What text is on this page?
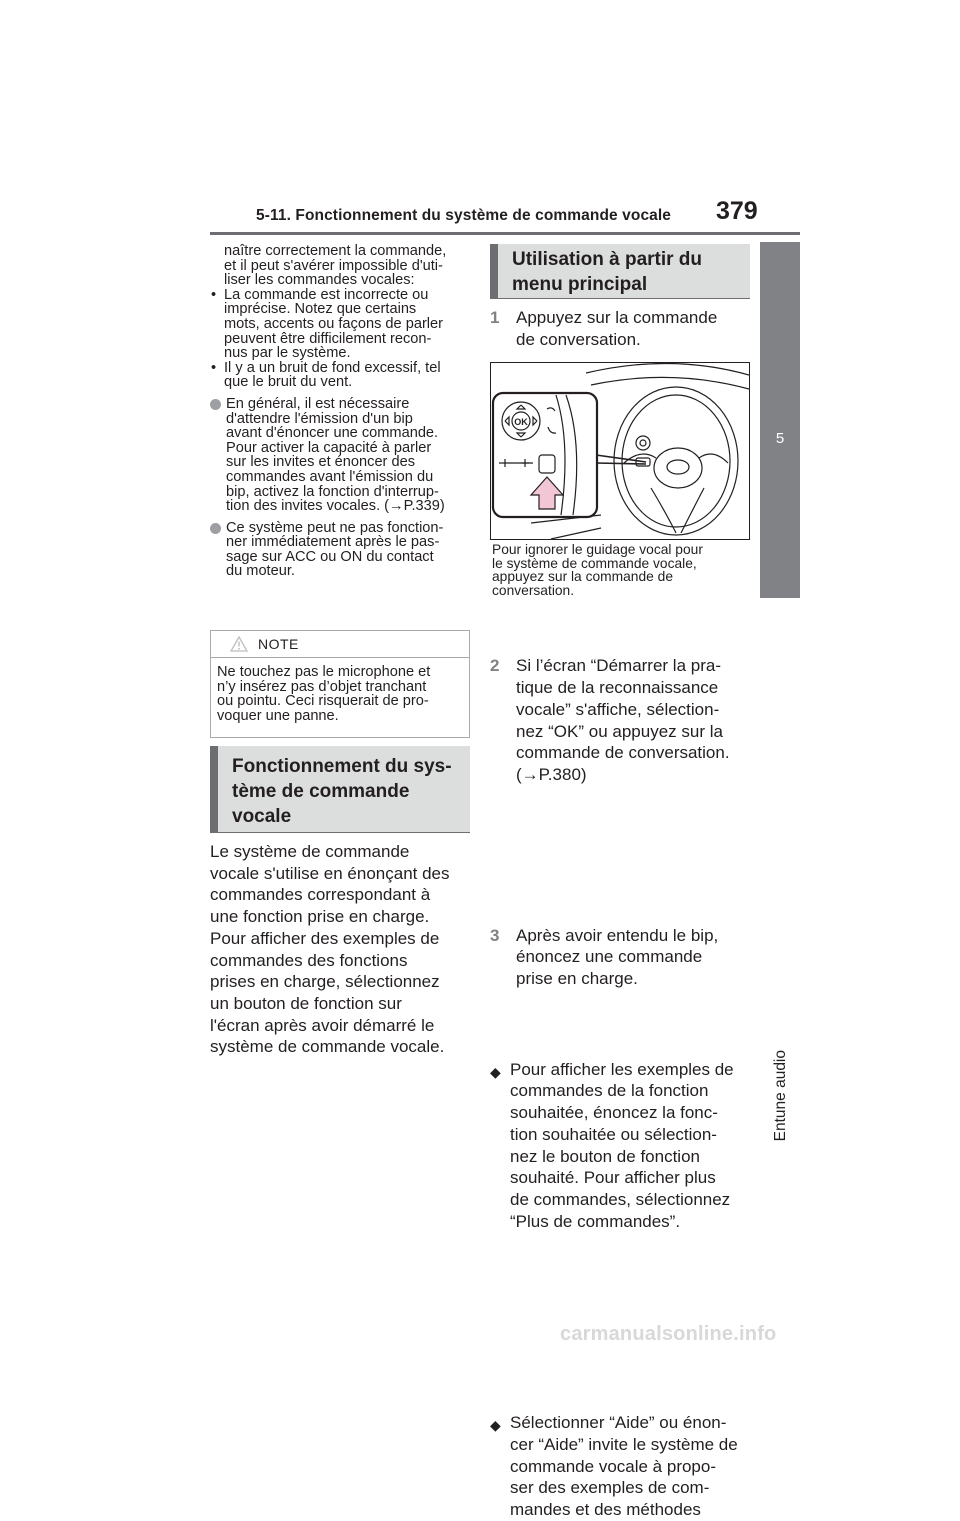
5-11. Fonctionnement du système de commande vocale 379
5
Entune audio

naître correctement la commande,

et il peut s'avérer impossible d'uti-

liser les commandes vocales:

• La commande est incorrecte ou

imprécise. Notez que certains

mots, accents ou façons de parler

peuvent être difficilement recon-

nus par le système.

• Il y a un bruit de fond excessif, tel

que le bruit du vent.

En général, il est nécessaire

d'attendre l'émission d'un bip

avant d'énoncer une commande.

Pour activer la capacité à parler

sur les invites et énoncer des

commandes avant l'émission du

bip, activez la fonction d'interrup-

tion des invites vocales. (→P.339)

Ce système peut ne pas fonction-

ner immédiatement après le pas-

sage sur ACC ou ON du contact

du moteur.

NOTE

Ne touchez pas le microphone et

n’y insérez pas d’objet tranchant

ou pointu. Ceci risquerait de pro-

voquer une panne.

Fonctionnement du sys-
tème de commande
vocale
Le système de commande
vocale s'utilise en énonçant des
commandes correspondant à
une fonction prise en charge.
Pour afficher des exemples de
commandes des fonctions
prises en charge, sélectionnez
un bouton de fonction sur
l'écran après avoir démarré le
système de commande vocale.
Utilisation à partir du
menu principal
1 Appuyez sur la commande
de conversation.
OK
Pour ignorer le guidage vocal pour
le système de commande vocale,
appuyez sur la commande de
conversation.
2 Si l’écran “Démarrer la pra-
tique de la reconnaissance
vocale” s'affiche, sélection-
nez “OK” ou appuyez sur la
commande de conversation.
(→P.380)
3 Après avoir entendu le bip,
énoncez une commande
prise en charge.
◆ Pour afficher les exemples de
commandes de la fonction
souhaitée, énoncez la fonc-
tion souhaitée ou sélection-
nez le bouton de fonction
souhaité. Pour afficher plus
de commandes, sélectionnez
“Plus de commandes”.
◆ Sélectionner “Aide” ou énon-
cer “Aide” invite le système de
commande vocale à propo-
ser des exemples de com-
mandes et des méthodes
carmanualsonline.info
